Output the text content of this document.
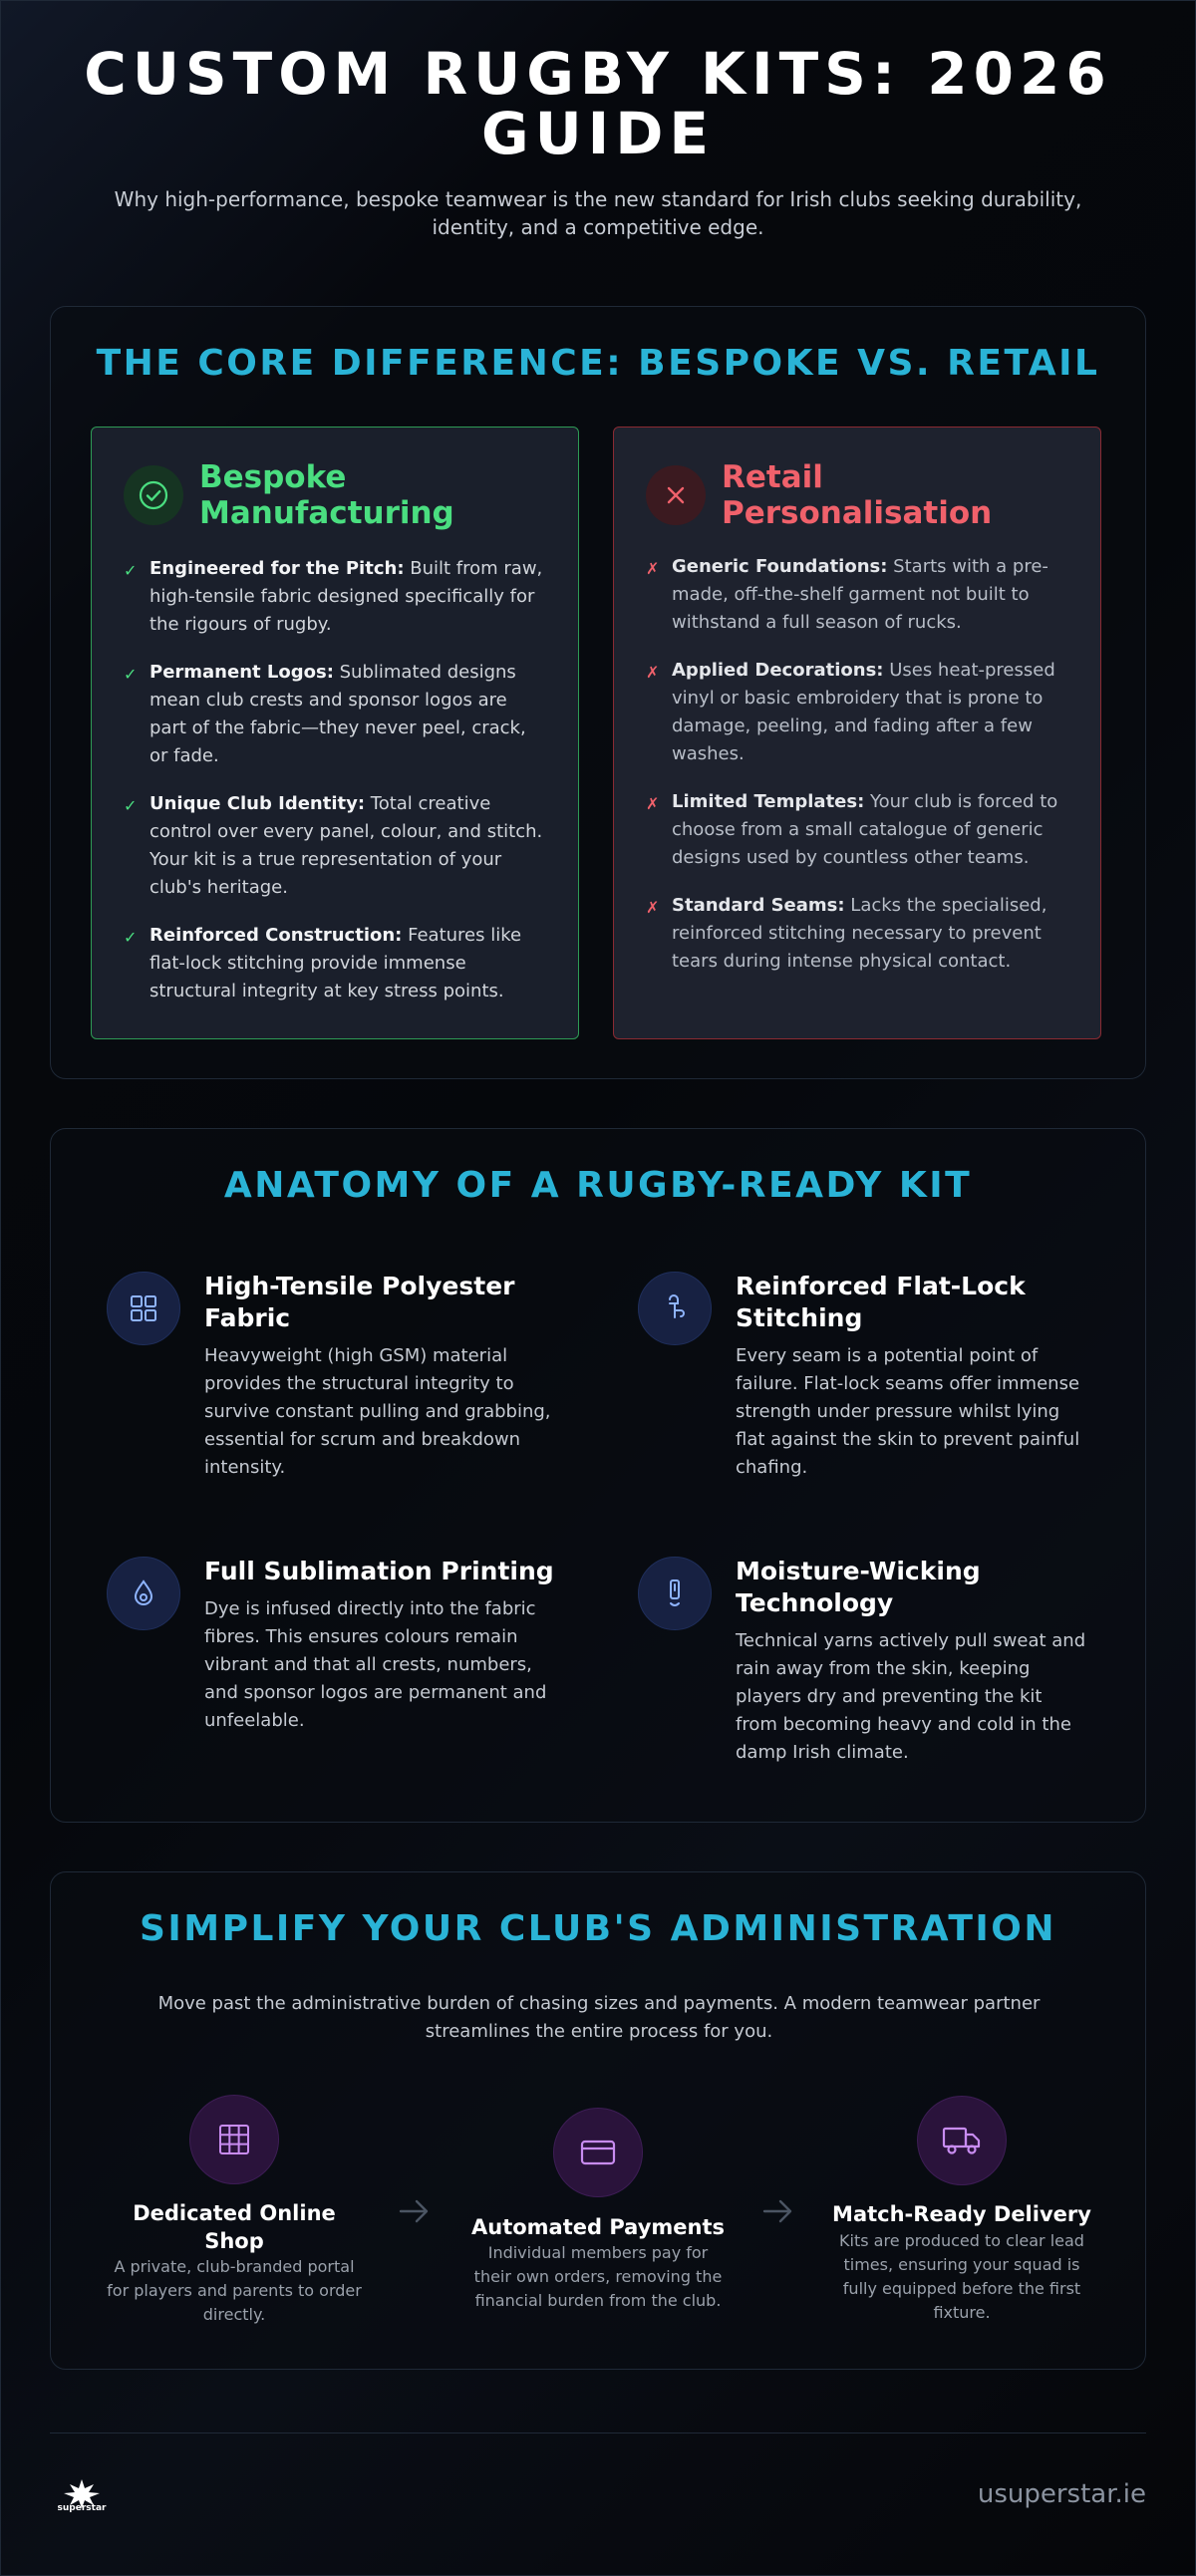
CUSTOM RUGBY KITS: 2026 GUIDE

Why high-performance, bespoke teamwear is the new standard for Irish clubs seeking durability, identity, and a competitive edge.

THE CORE DIFFERENCE: BESPOKE VS. RETAIL
Bespoke Manufacturing
✓ Engineered for the Pitch: Built from raw, high-tensile fabric designed specifically for the rigours of rugby.
✓ Permanent Logos: Sublimated designs mean club crests and sponsor logos are part of the fabric—they never peel, crack, or fade.
✓ Unique Club Identity: Total creative control over every panel, colour, and stitch. Your kit is a true representation of your club's heritage.
✓ Reinforced Construction: Features like flat-lock stitching provide immense structural integrity at key stress points.
Retail Personalisation
✗ Generic Foundations: Starts with a pre-made, off-the-shelf garment not built to withstand a full season of rucks.
✗ Applied Decorations: Uses heat-pressed vinyl or basic embroidery that is prone to damage, peeling, and fading after a few washes.
✗ Limited Templates: Your club is forced to choose from a small catalogue of generic designs used by countless other teams.
✗ Standard Seams: Lacks the specialised, reinforced stitching necessary to prevent tears during intense physical contact.
ANATOMY OF A RUGBY-READY KIT
High-Tensile Polyester Fabric
Heavyweight (high GSM) material provides the structural integrity to survive constant pulling and grabbing, essential for scrum and breakdown intensity.
Reinforced Flat-Lock Stitching
Every seam is a potential point of failure. Flat-lock seams offer immense strength under pressure whilst lying flat against the skin to prevent painful chafing.
Full Sublimation Printing
Dye is infused directly into the fabric fibres. This ensures colours remain vibrant and that all crests, numbers, and sponsor logos are permanent and unfeelable.
Moisture-Wicking Technology
Technical yarns actively pull sweat and rain away from the skin, keeping players dry and preventing the kit from becoming heavy and cold in the damp Irish climate.
SIMPLIFY YOUR CLUB'S ADMINISTRATION

Move past the administrative burden of chasing sizes and payments. A modern teamwear partner streamlines the entire process for you.

Dedicated Online Shop
A private, club-branded portal for players and parents to order directly.
Automated Payments
Individual members pay for their own orders, removing the financial burden from the club.
Match-Ready Delivery
Kits are produced to clear lead times, ensuring your squad is fully equipped before the first fixture.
superstar	usuperstar.ie
